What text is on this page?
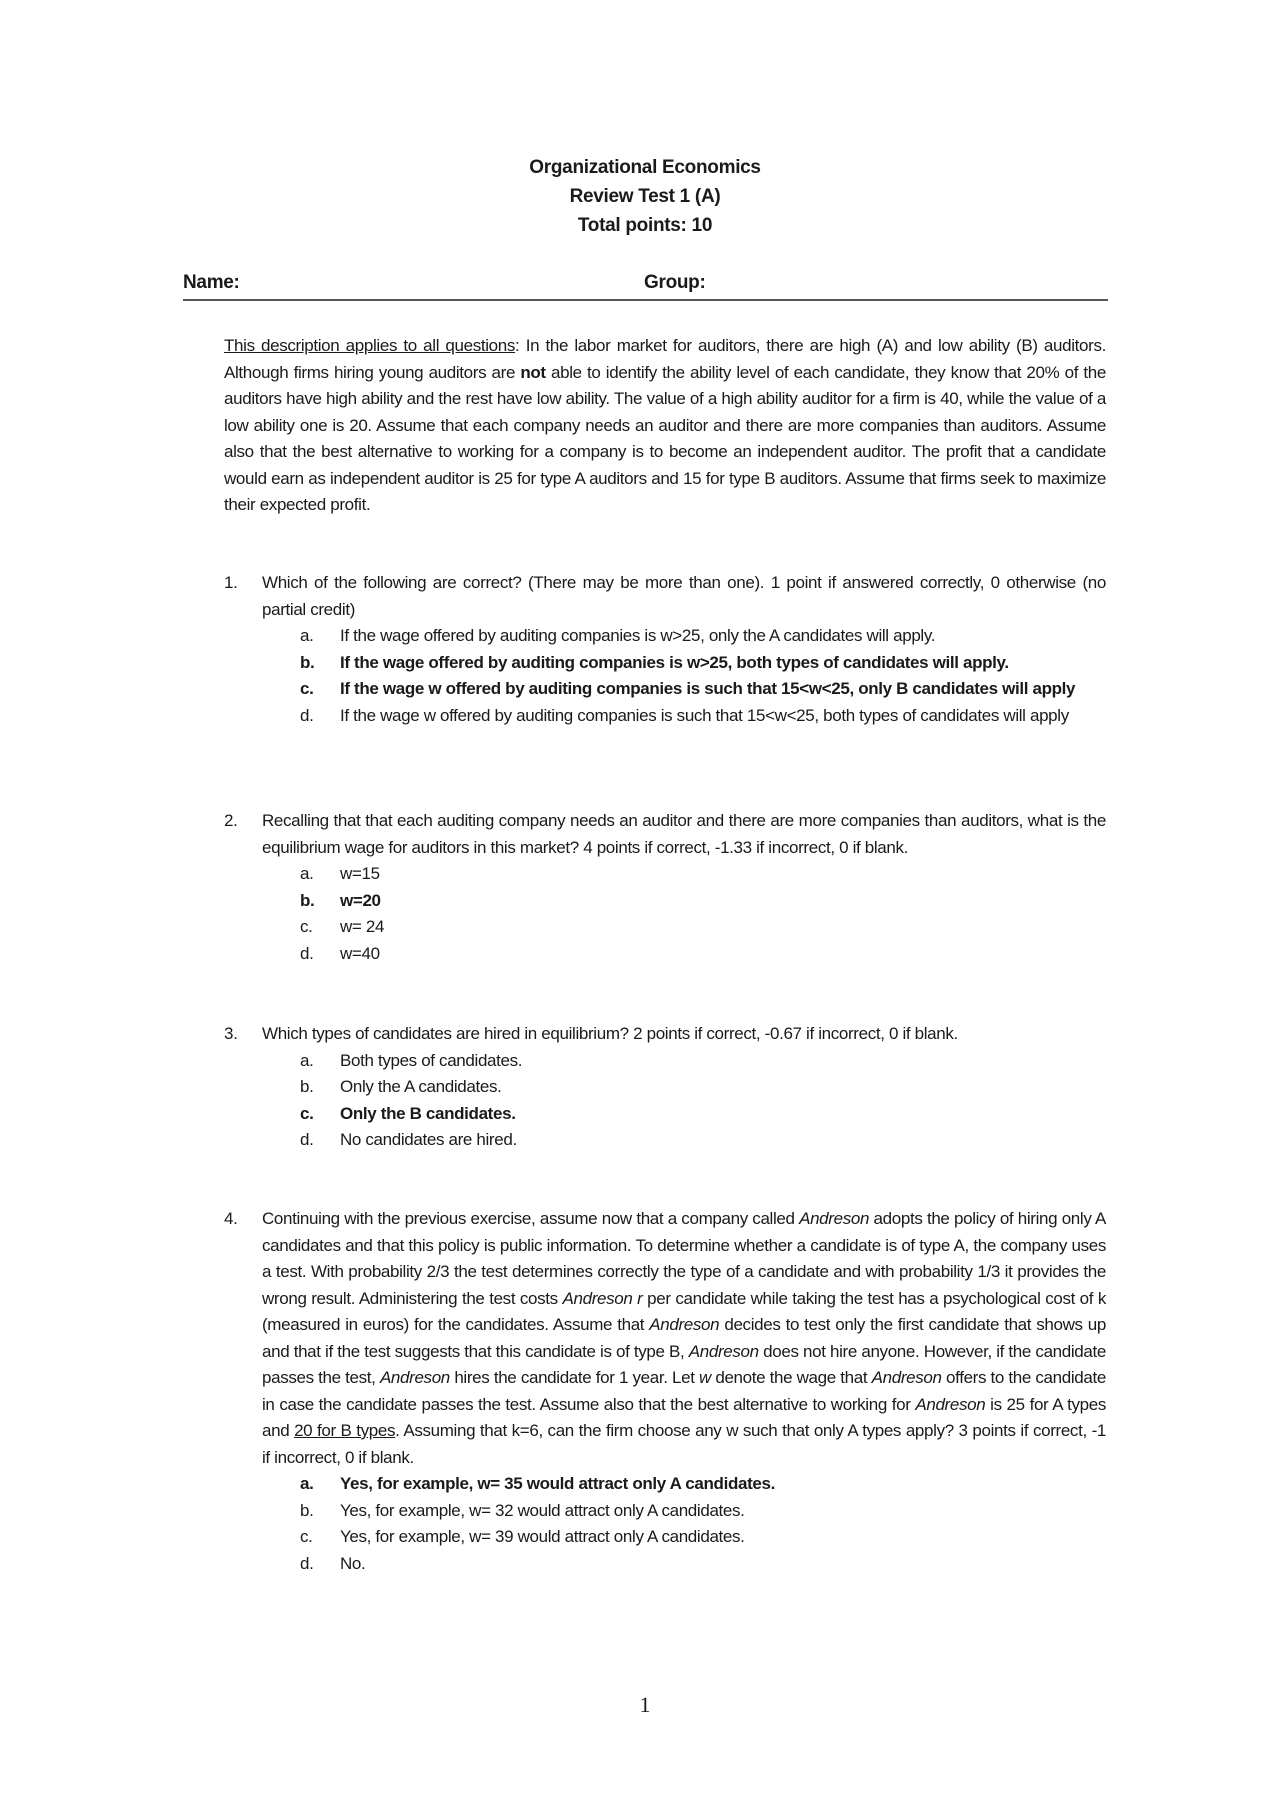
Organizational Economics
Review Test 1 (A)
Total points: 10
Name:	Group:
This description applies to all questions: In the labor market for auditors, there are high (A) and low ability (B) auditors. Although firms hiring young auditors are not able to identify the ability level of each candidate, they know that 20% of the auditors have high ability and the rest have low ability. The value of a high ability auditor for a firm is 40, while the value of a low ability one is 20. Assume that each company needs an auditor and there are more companies than auditors. Assume also that the best alternative to working for a company is to become an independent auditor. The profit that a candidate would earn as independent auditor is 25 for type A auditors and 15 for type B auditors. Assume that firms seek to maximize their expected profit.
1. Which of the following are correct? (There may be more than one). 1 point if answered correctly, 0 otherwise (no partial credit)
a. If the wage offered by auditing companies is w>25, only the A candidates will apply.
b. If the wage offered by auditing companies is w>25, both types of candidates will apply.
c. If the wage w offered by auditing companies is such that 15<w<25, only B candidates will apply
d. If the wage w offered by auditing companies is such that 15<w<25, both types of candidates will apply
2. Recalling that that each auditing company needs an auditor and there are more companies than auditors, what is the equilibrium wage for auditors in this market? 4 points if correct, -1.33 if incorrect, 0 if blank.
a. w=15
b. w=20
c. w= 24
d. w=40
3. Which types of candidates are hired in equilibrium? 2 points if correct, -0.67 if incorrect, 0 if blank.
a. Both types of candidates.
b. Only the A candidates.
c. Only the B candidates.
d. No candidates are hired.
4. Continuing with the previous exercise, assume now that a company called Andreson adopts the policy of hiring only A candidates and that this policy is public information. To determine whether a candidate is of type A, the company uses a test. With probability 2/3 the test determines correctly the type of a candidate and with probability 1/3 it provides the wrong result. Administering the test costs Andreson r per candidate while taking the test has a psychological cost of k (measured in euros) for the candidates. Assume that Andreson decides to test only the first candidate that shows up and that if the test suggests that this candidate is of type B, Andreson does not hire anyone. However, if the candidate passes the test, Andreson hires the candidate for 1 year. Let w denote the wage that Andreson offers to the candidate in case the candidate passes the test. Assume also that the best alternative to working for Andreson is 25 for A types and 20 for B types. Assuming that k=6, can the firm choose any w such that only A types apply? 3 points if correct, -1 if incorrect, 0 if blank.
a. Yes, for example, w= 35 would attract only A candidates.
b. Yes, for example, w= 32 would attract only A candidates.
c. Yes, for example, w= 39 would attract only A candidates.
d. No.
1
